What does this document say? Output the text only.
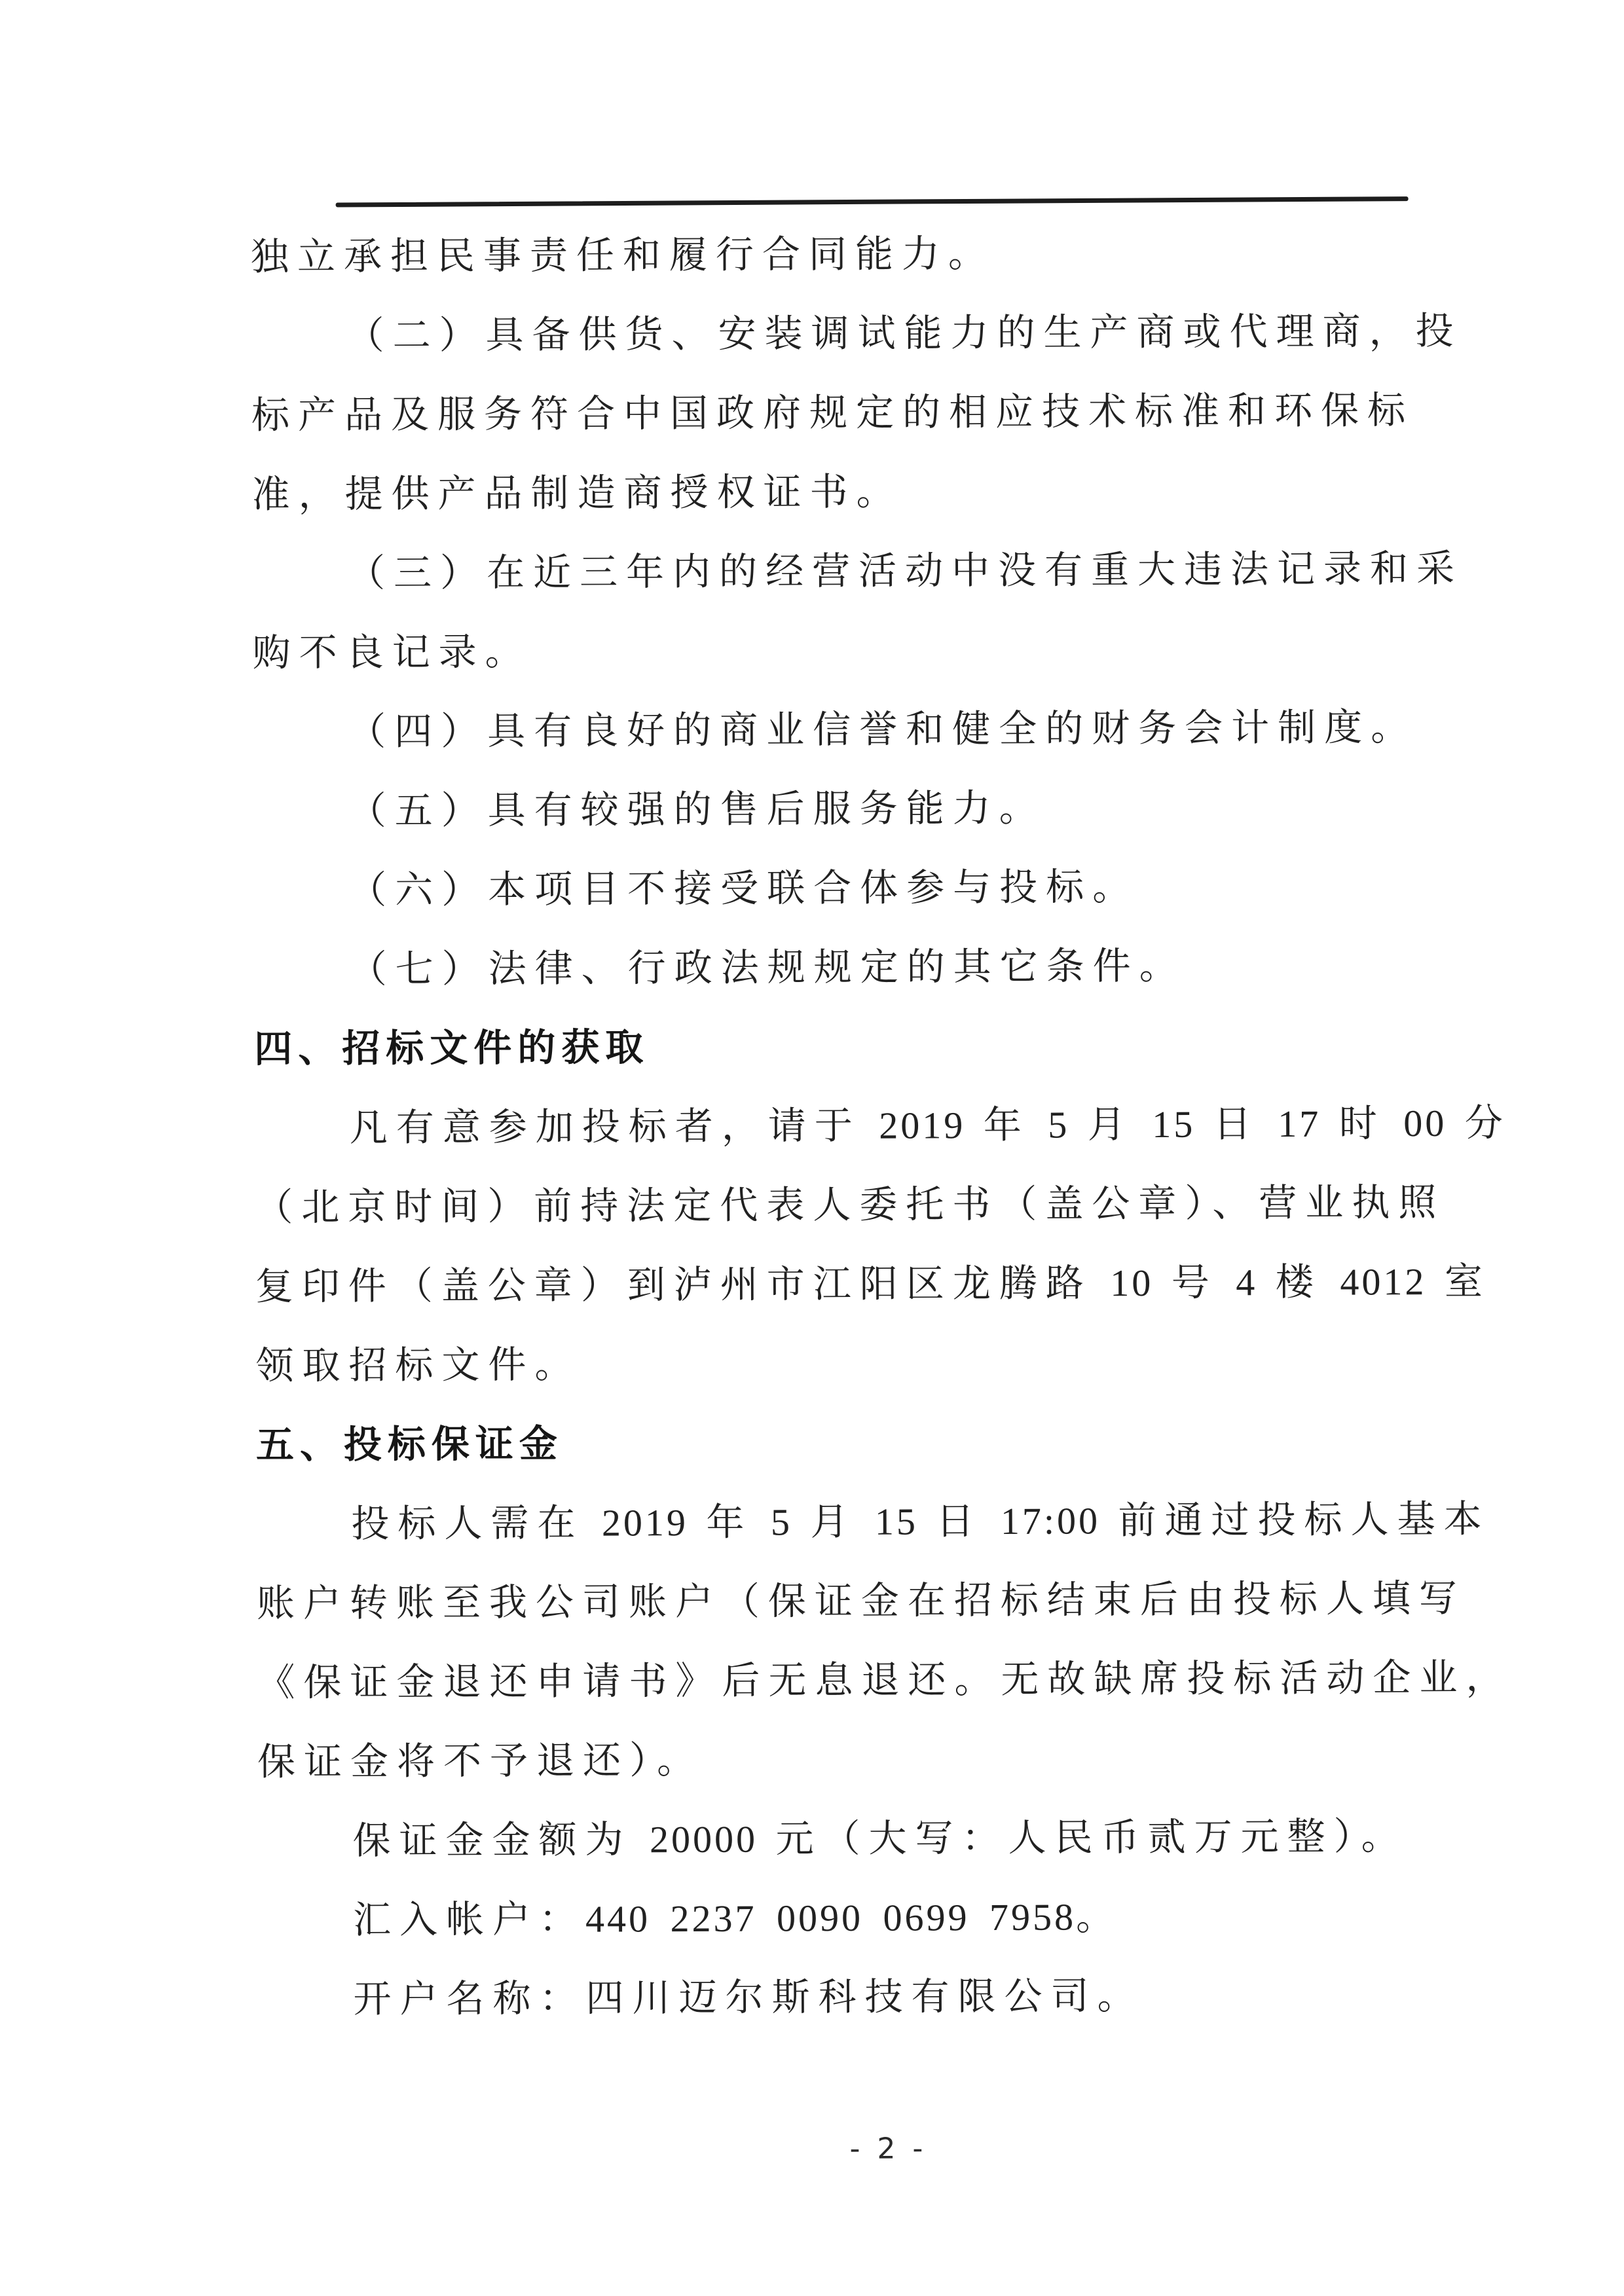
独立承担民事责任和履行合同能力。
（二）具备供货、安装调试能力的生产商或代理商，投
标产品及服务符合中国政府规定的相应技术标准和环保标
准，提供产品制造商授权证书。
（三）在近三年内的经营活动中没有重大违法记录和采
购不良记录。
（四）具有良好的商业信誉和健全的财务会计制度。
（五）具有较强的售后服务能力。
（六）本项目不接受联合体参与投标。
（七）法律、行政法规规定的其它条件。
四、招标文件的获取
凡有意参加投标者，请于 2019 年 5 月 15 日 17 时 00 分
（北京时间）前持法定代表人委托书（盖公章）、营业执照
复印件（盖公章）到泸州市江阳区龙腾路 10 号 4 楼 4012 室
领取招标文件。
五、投标保证金
投标人需在 2019 年 5 月 15 日 17:00 前通过投标人基本
账户转账至我公司账户（保证金在招标结束后由投标人填写
《保证金退还申请书》后无息退还。无故缺席投标活动企业，
保证金将不予退还）。
保证金金额为 20000 元（大写：人民币贰万元整）。
汇入帐户：440 2237 0090 0699 7958。
开户名称：四川迈尔斯科技有限公司。
- 2 -
